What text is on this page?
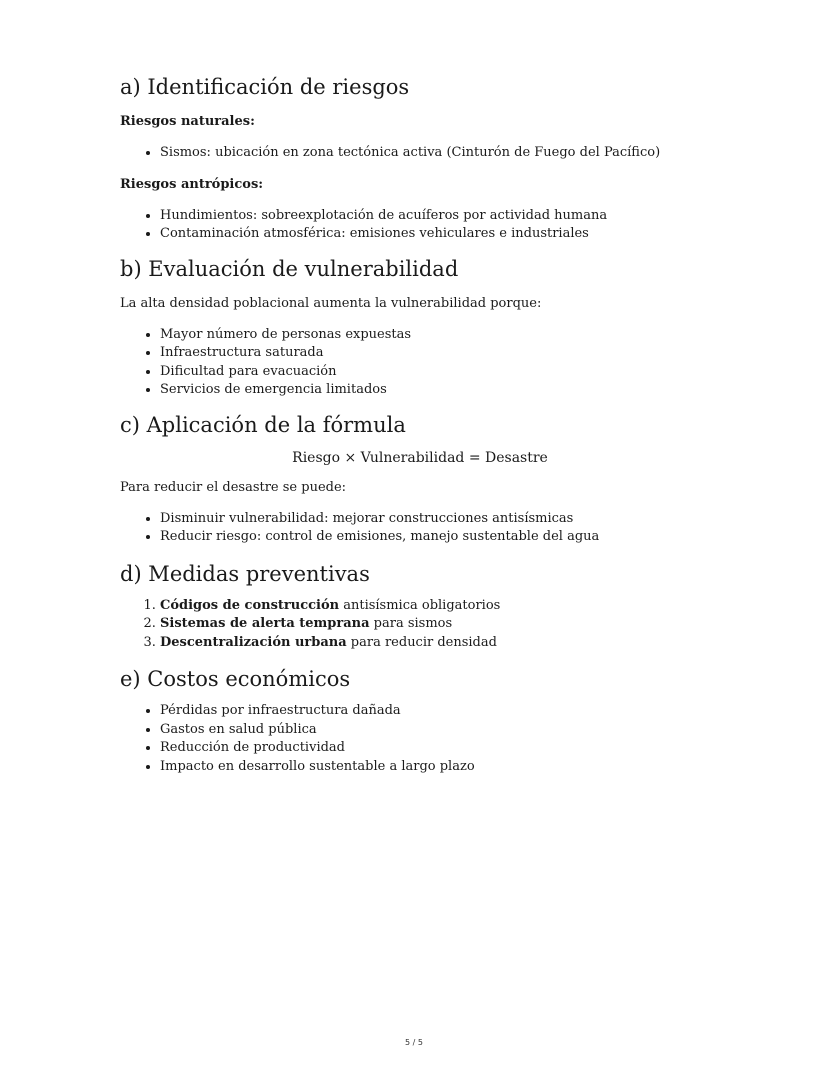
a) Identificación de riesgos

Riesgos naturales:

• Sismos: ubicación en zona tectónica activa (Cinturón de Fuego del Pacífico)

Riesgos antrópicos:

• Hundimientos: sobreexplotación de acuíferos por actividad humana
• Contaminación atmosférica: emisiones vehiculares e industriales
b) Evaluación de vulnerabilidad

La alta densidad poblacional aumenta la vulnerabilidad porque:

• Mayor número de personas expuestas
• Infraestructura saturada
• Dificultad para evacuación
• Servicios de emergencia limitados
c) Aplicación de la fórmula

Riesgo × Vulnerabilidad = Desastre

Para reducir el desastre se puede:

• Disminuir vulnerabilidad: mejorar construcciones antisísmicas
• Reducir riesgo: control de emisiones, manejo sustentable del agua
d) Medidas preventivas
1. Códigos de construcción antisísmica obligatorios
2. Sistemas de alerta temprana para sismos
3. Descentralización urbana para reducir densidad
e) Costos económicos
• Pérdidas por infraestructura dañada
• Gastos en salud pública
• Reducción de productividad
• Impacto en desarrollo sustentable a largo plazo
5 / 5
